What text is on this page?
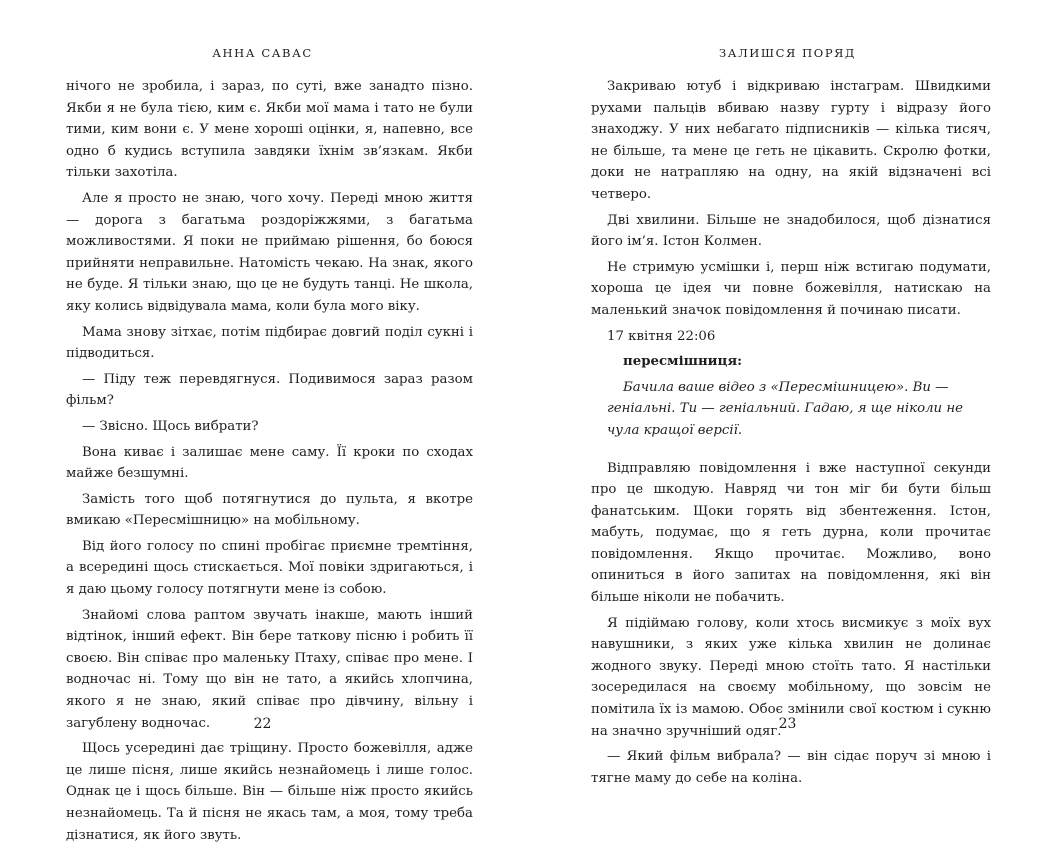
АННА САВАС

нічого не зробила, і зараз, по суті, вже занадто пізно. Якби я не була тією, ким є. Якби мої мама і тато не були тими, ким вони є. У мене хороші оцінки, я, напевно, все одно б кудись вступила завдяки їхнім зв’язкам. Якби тільки захотіла.

Але я просто не знаю, чого хочу. Переді мною життя — дорога з багатьма роздоріжжями, з багатьма можливостями. Я поки не приймаю рішення, бо боюся прийняти неправильне. Натомість чекаю. На знак, якого не буде. Я тільки знаю, що це не будуть танці. Не школа, яку колись відвідувала мама, коли була мого віку.

Мама знову зітхає, потім підбирає довгий поділ сукні і підводиться.

— Піду теж перевдягнуся. Подивимося зараз разом фільм?

— Звісно. Щось вибрати?

Вона киває і залишає мене саму. Її кроки по сходах майже безшумні.

Замість того щоб потягнутися до пульта, я вкотре вмикаю «Пересмішницю» на мобільному.

Від його голосу по спині пробігає приємне тремтіння, а всередині щось стискається. Мої повіки здригаються, і я даю цьому голосу потягнути мене із собою.

Знайомі слова раптом звучать інакше, мають інший відтінок, інший ефект. Він бере таткову пісню і робить її своєю. Він співає про маленьку Птаху, співає про мене. І водночас ні. Тому що він не тато, а якийсь хлопчина, якого я не знаю, який співає про дівчину, вільну і загублену водночас.

Щось усередині дає тріщину. Просто божевілля, адже це лише пісня, лише якийсь незнайомець і лише голос. Однак це і щось більше. Він — більше ніж просто якийсь незнайомець. Та й пісня не якась там, а моя, тому треба дізнатися, як його звуть.

22
ЗАЛИШСЯ ПОРЯД

Закриваю ютуб і відкриваю інстаграм. Швидкими рухами пальців вбиваю назву гурту і відразу його знаходжу. У них небагато підписників — кілька тисяч, не більше, та мене це геть не цікавить. Скролю фотки, доки не натрапляю на одну, на якій відзначені всі четверо.

Дві хвилини. Більше не знадобилося, щоб дізнатися його ім’я. Істон Колмен.

Не стримую усмішки і, перш ніж встигаю подумати, хороша це ідея чи повне божевілля, натискаю на маленький значок повідомлення й починаю писати.

17 квітня 22:06

пересмішниця:

Бачила ваше відео з «Пересмішницею». Ви — геніальні. Ти — геніальний. Гадаю, я ще ніколи не чула кращої версії.

Відправляю повідомлення і вже наступної секунди про це шкодую. Навряд чи тон міг би бути більш фанатським. Щоки горять від збентеження. Істон, мабуть, подумає, що я геть дурна, коли прочитає повідомлення. Якщо прочитає. Можливо, воно опиниться в його запитах на повідомлення, які він більше ніколи не побачить.

Я підіймаю голову, коли хтось висмикує з моїх вух навушники, з яких уже кілька хвилин не долинає жодного звуку. Переді мною стоїть тато. Я настільки зосередилася на своєму мобільному, що зовсім не помітила їх із мамою. Обоє змінили свої костюм і сукню на значно зручніший одяг.

— Який фільм вибрала? — він сідає поруч зі мною і тягне маму до себе на коліна.

23
